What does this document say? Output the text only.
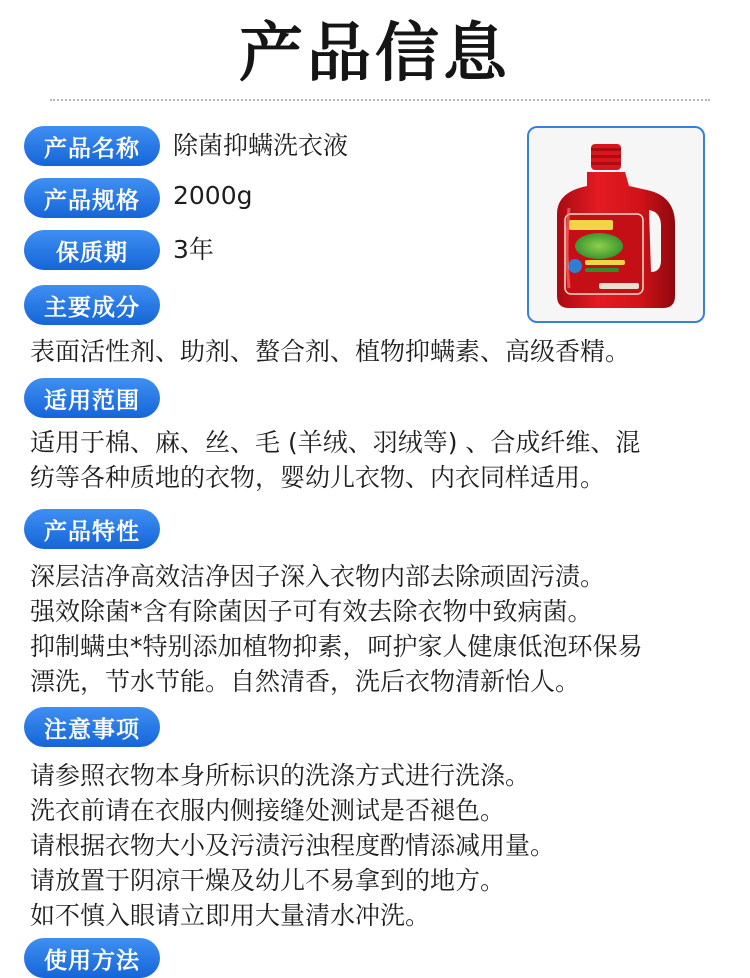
产品信息
产品名称	除菌抑螨洗衣液
产品规格	2000g
保质期	3年
主要成分
表面活性剂、助剂、螯合剂、植物抑螨素、高级香精。
适用范围
适用于棉、麻、丝、毛 (羊绒、羽绒等) 、合成纤维、混
纺等各种质地的衣物，婴幼儿衣物、内衣同样适用。
产品特性
深层洁净高效洁净因子深入衣物内部去除顽固污渍。
强效除菌*含有除菌因子可有效去除衣物中致病菌。
抑制螨虫*特别添加植物抑素，呵护家人健康低泡环保易
漂洗，节水节能。自然清香，洗后衣物清新怡人。
注意事项
请参照衣物本身所标识的洗涤方式进行洗涤。
洗衣前请在衣服内侧接缝处测试是否褪色。
请根据衣物大小及污渍污浊程度酌情添减用量。
请放置于阴凉干燥及幼儿不易拿到的地方。
如不慎入眼请立即用大量清水冲洗。
使用方法
